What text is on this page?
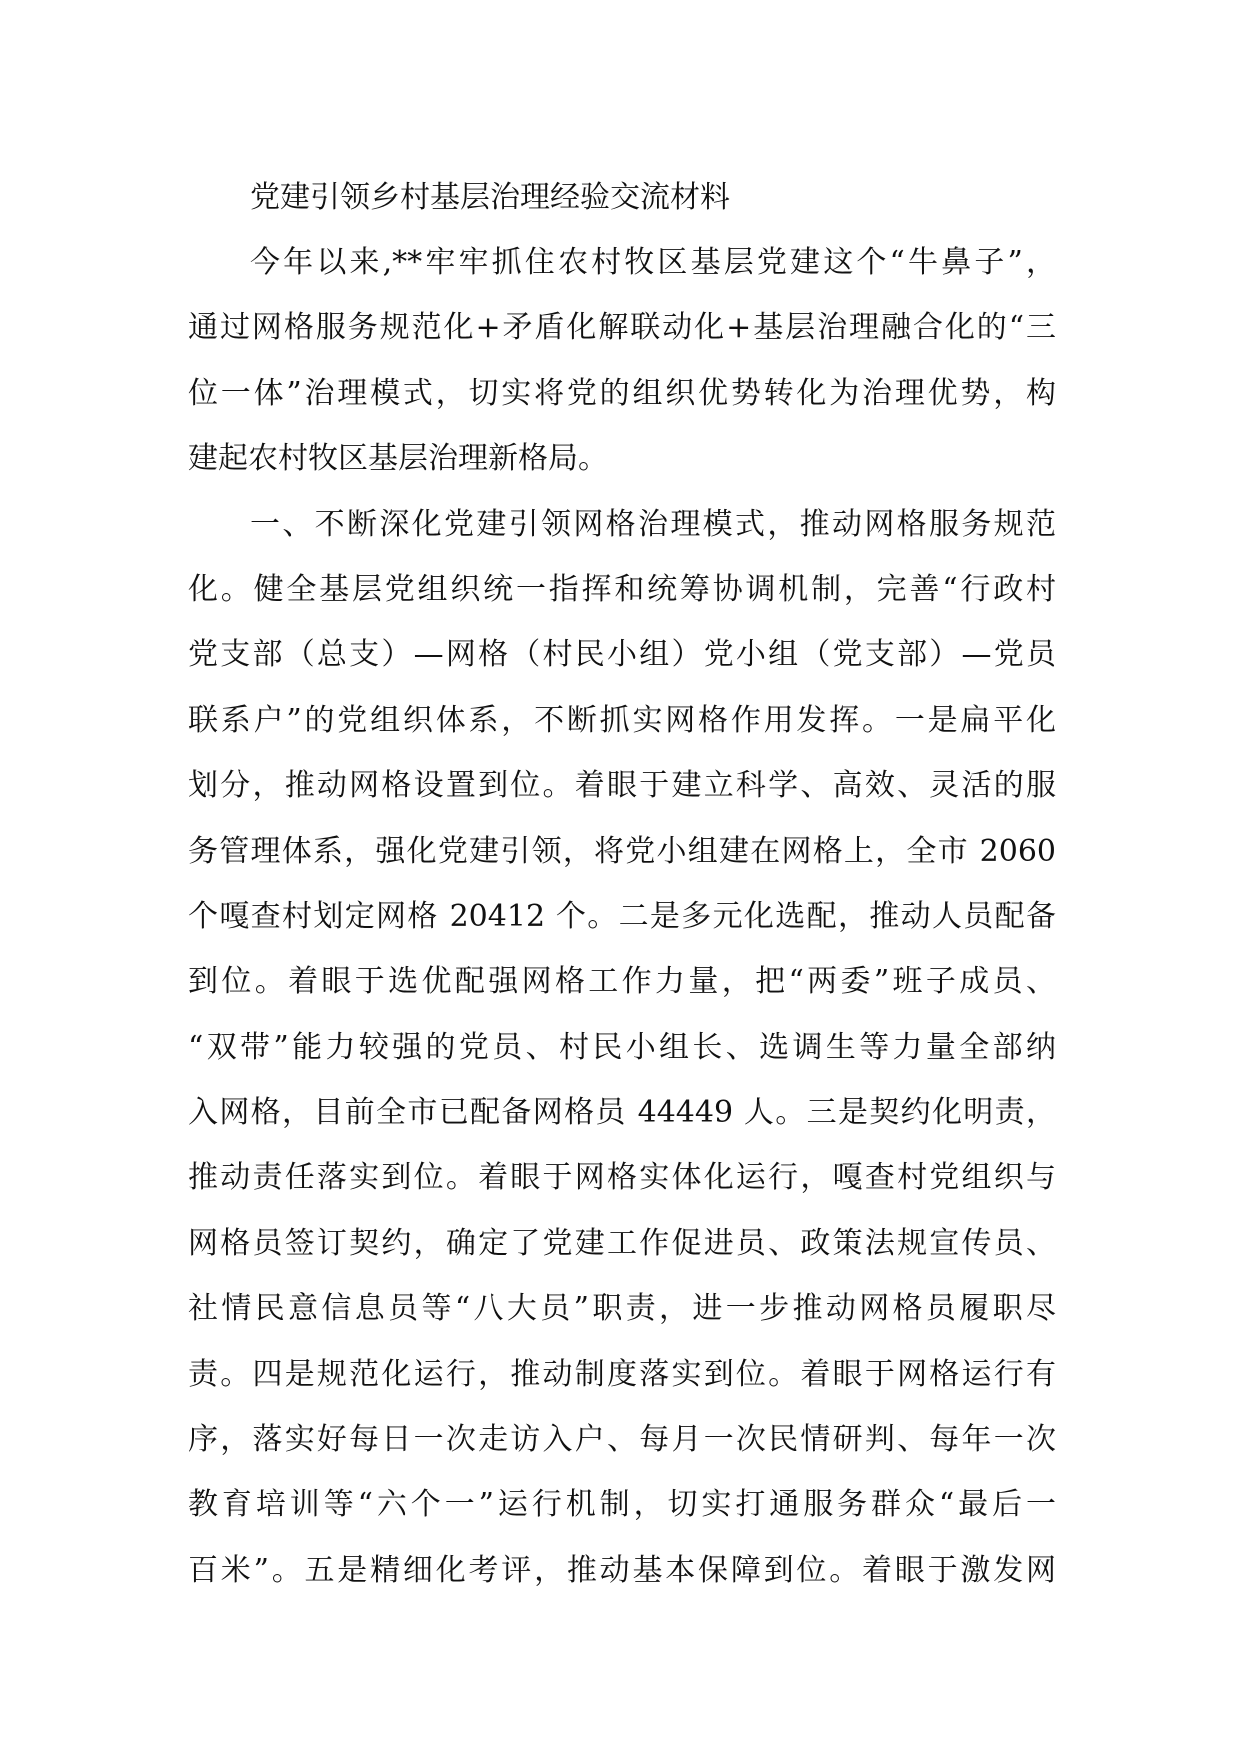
党建引领乡村基层治理经验交流材料
今年以来,**牢牢抓住农村牧区基层党建这个“牛鼻子”，
通过网格服务规范化+矛盾化解联动化+基层治理融合化的“三
位一体”治理模式，切实将党的组织优势转化为治理优势，构
建起农村牧区基层治理新格局。
一、不断深化党建引领网格治理模式，推动网格服务规范
化。健全基层党组织统一指挥和统筹协调机制，完善“行政村
党支部（总支）—网格（村民小组）党小组（党支部）—党员
联系户”的党组织体系，不断抓实网格作用发挥。一是扁平化
划分，推动网格设置到位。着眼于建立科学、高效、灵活的服
务管理体系，强化党建引领，将党小组建在网格上，全市 2060
个嘎查村划定网格 20412 个。二是多元化选配，推动人员配备
到位。着眼于选优配强网格工作力量，把“两委”班子成员、
“双带”能力较强的党员、村民小组长、选调生等力量全部纳
入网格，目前全市已配备网格员 44449 人。三是契约化明责，
推动责任落实到位。着眼于网格实体化运行，嘎查村党组织与
网格员签订契约，确定了党建工作促进员、政策法规宣传员、
社情民意信息员等“八大员”职责，进一步推动网格员履职尽
责。四是规范化运行，推动制度落实到位。着眼于网格运行有
序，落实好每日一次走访入户、每月一次民情研判、每年一次
教育培训等“六个一”运行机制，切实打通服务群众“最后一
百米”。五是精细化考评，推动基本保障到位。着眼于激发网
